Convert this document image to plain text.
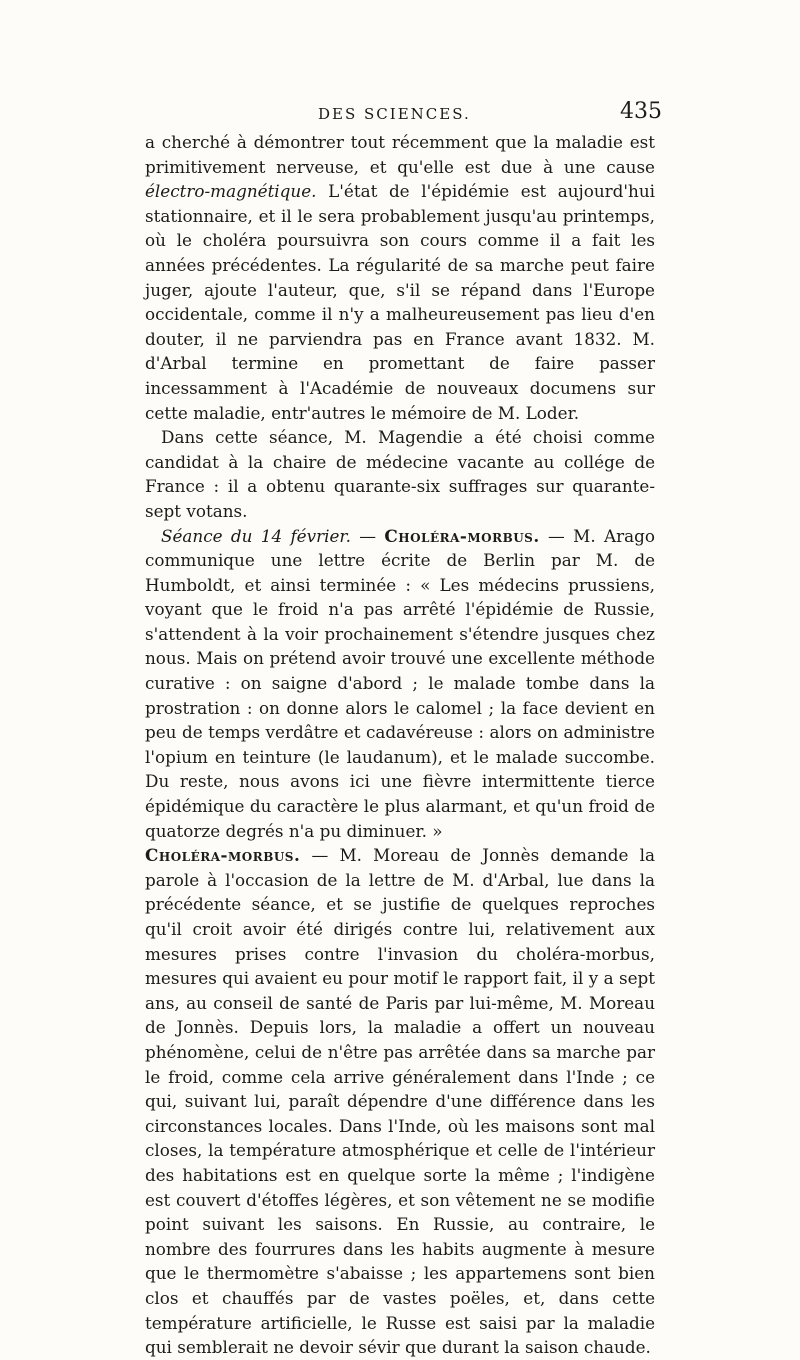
DES SCIENCES.	435

a cherché à démontrer tout récemment que la maladie est primitivement nerveuse, et qu'elle est due à une cause électro-magnétique. L'état de l'épidémie est aujourd'hui stationnaire, et il le sera probablement jusqu'au printemps, où le choléra poursuivra son cours comme il a fait les années précédentes. La régularité de sa marche peut faire juger, ajoute l'auteur, que, s'il se répand dans l'Europe occidentale, comme il n'y a malheureusement pas lieu d'en douter, il ne parviendra pas en France avant 1832. M. d'Arbal termine en promettant de faire passer incessamment à l'Académie de nouveaux documens sur cette maladie, entr'autres le mémoire de M. Loder.

Dans cette séance, M. Magendie a été choisi comme candidat à la chaire de médecine vacante au collége de France : il a obtenu quarante-six suffrages sur quarante-sept votans.

Séance du 14 février. — Choléra-morbus. — M. Arago communique une lettre écrite de Berlin par M. de Humboldt, et ainsi terminée : « Les médecins prussiens, voyant que le froid n'a pas arrêté l'épidémie de Russie, s'attendent à la voir prochainement s'étendre jusques chez nous. Mais on prétend avoir trouvé une excellente méthode curative : on saigne d'abord ; le malade tombe dans la prostration : on donne alors le calomel ; la face devient en peu de temps verdâtre et cadavéreuse : alors on administre l'opium en teinture (le laudanum), et le malade succombe. Du reste, nous avons ici une fièvre intermittente tierce épidémique du caractère le plus alarmant, et qu'un froid de quatorze degrés n'a pu diminuer. »

Choléra-morbus. — M. Moreau de Jonnès demande la parole à l'occasion de la lettre de M. d'Arbal, lue dans la précédente séance, et se justifie de quelques reproches qu'il croit avoir été dirigés contre lui, relativement aux mesures prises contre l'invasion du choléra-morbus, mesures qui avaient eu pour motif le rapport fait, il y a sept ans, au conseil de santé de Paris par lui-même, M. Moreau de Jonnès. Depuis lors, la maladie a offert un nouveau phénomène, celui de n'être pas arrêtée dans sa marche par le froid, comme cela arrive généralement dans l'Inde ; ce qui, suivant lui, paraît dépendre d'une différence dans les circonstances locales. Dans l'Inde, où les maisons sont mal closes, la température atmosphérique et celle de l'intérieur des habitations est en quelque sorte la même ; l'indigène est couvert d'étoffes légères, et son vêtement ne se modifie point suivant les saisons. En Russie, au contraire, le nombre des fourrures dans les habits augmente à mesure que le thermomètre s'abaisse ; les appartemens sont bien clos et chauffés par de vastes poëles, et, dans cette température artificielle, le Russe est saisi par la maladie qui semblerait ne devoir sévir que durant la saison chaude.
